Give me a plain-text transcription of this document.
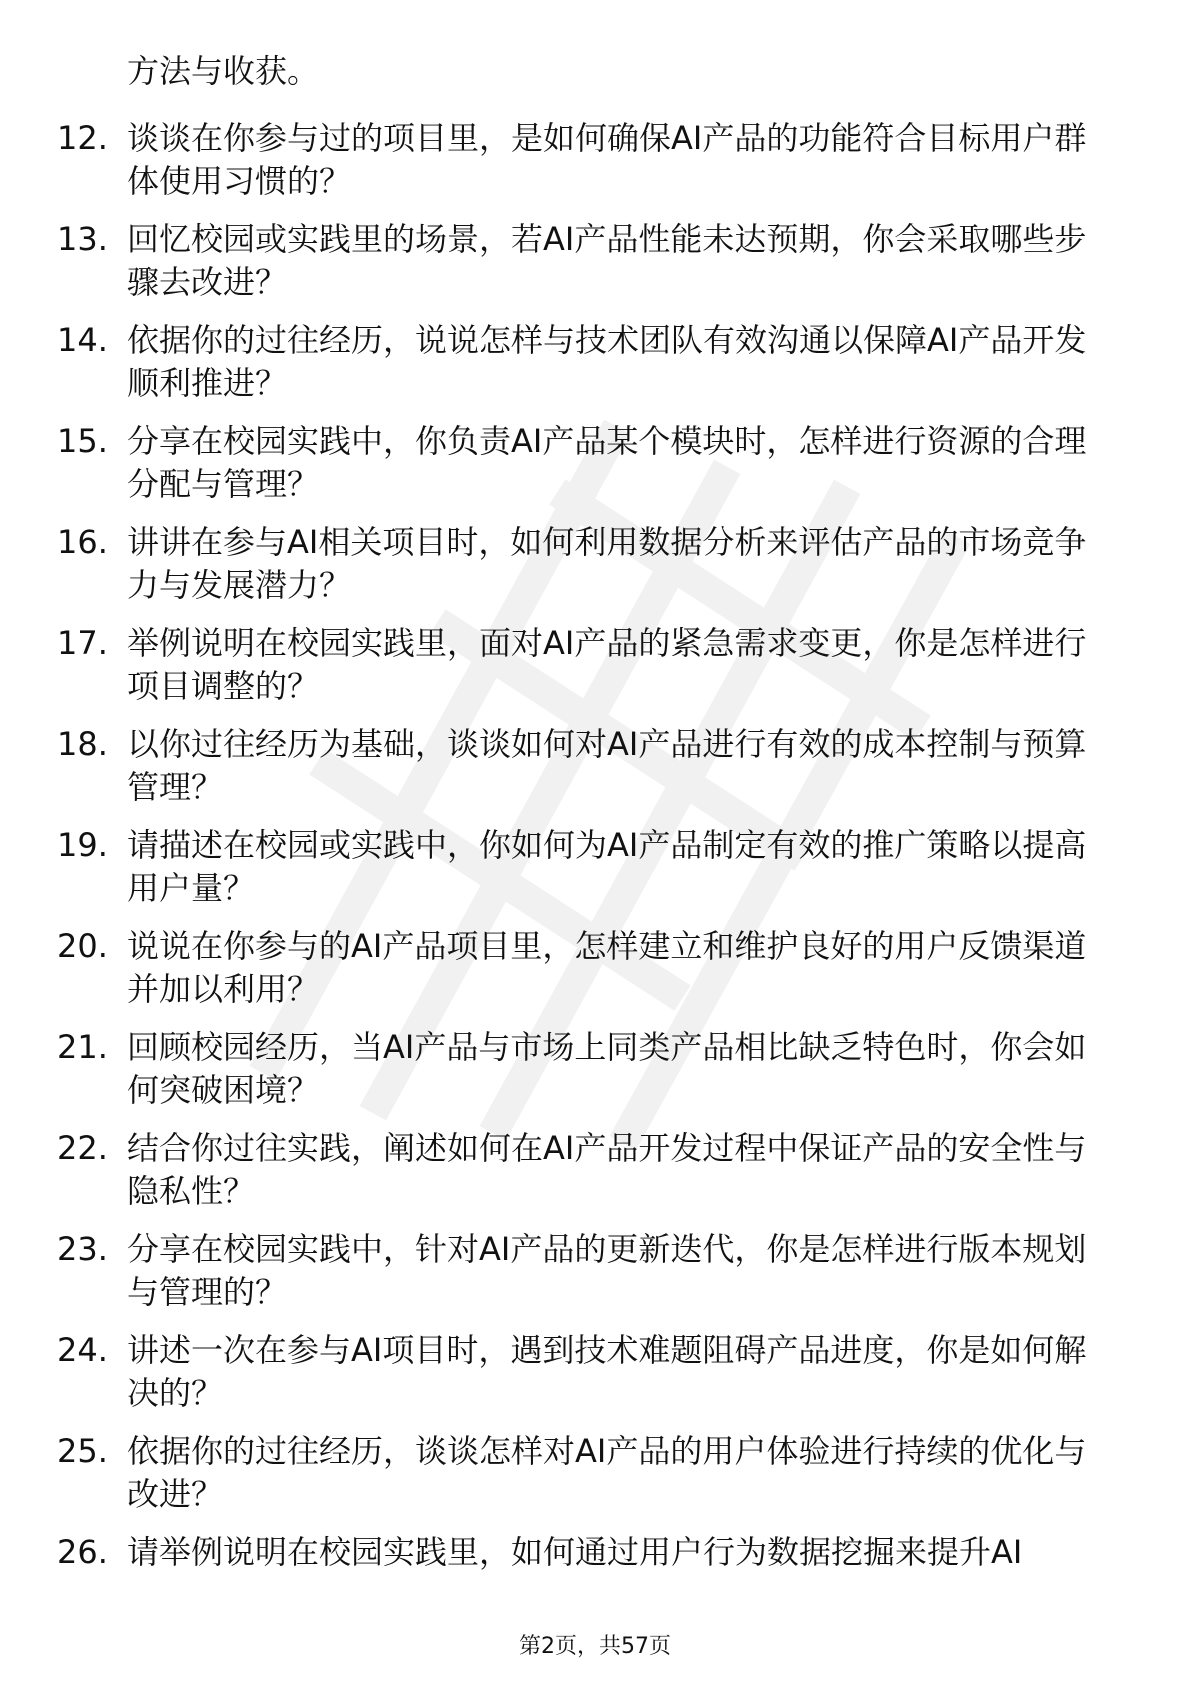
方法与收获。
12. 谈谈在你参与过的项目里，是如何确保AI产品的功能符合目标用户群体使用习惯的？
13. 回忆校园或实践里的场景，若AI产品性能未达预期，你会采取哪些步骤去改进？
14. 依据你的过往经历，说说怎样与技术团队有效沟通以保障AI产品开发顺利推进？
15. 分享在校园实践中，你负责AI产品某个模块时，怎样进行资源的合理分配与管理？
16. 讲讲在参与AI相关项目时，如何利用数据分析来评估产品的市场竞争力与发展潜力？
17. 举例说明在校园实践里，面对AI产品的紧急需求变更，你是怎样进行项目调整的？
18. 以你过往经历为基础，谈谈如何对AI产品进行有效的成本控制与预算管理？
19. 请描述在校园或实践中，你如何为AI产品制定有效的推广策略以提高用户量？
20. 说说在你参与的AI产品项目里，怎样建立和维护良好的用户反馈渠道并加以利用？
21. 回顾校园经历，当AI产品与市场上同类产品相比缺乏特色时，你会如何突破困境？
22. 结合你过往实践，阐述如何在AI产品开发过程中保证产品的安全性与隐私性？
23. 分享在校园实践中，针对AI产品的更新迭代，你是怎样进行版本规划与管理的？
24. 讲述一次在参与AI项目时，遇到技术难题阻碍产品进度，你是如何解决的？
25. 依据你的过往经历，谈谈怎样对AI产品的用户体验进行持续的优化与改进？
26. 请举例说明在校园实践里，如何通过用户行为数据挖掘来提升AI
第2页，共57页
